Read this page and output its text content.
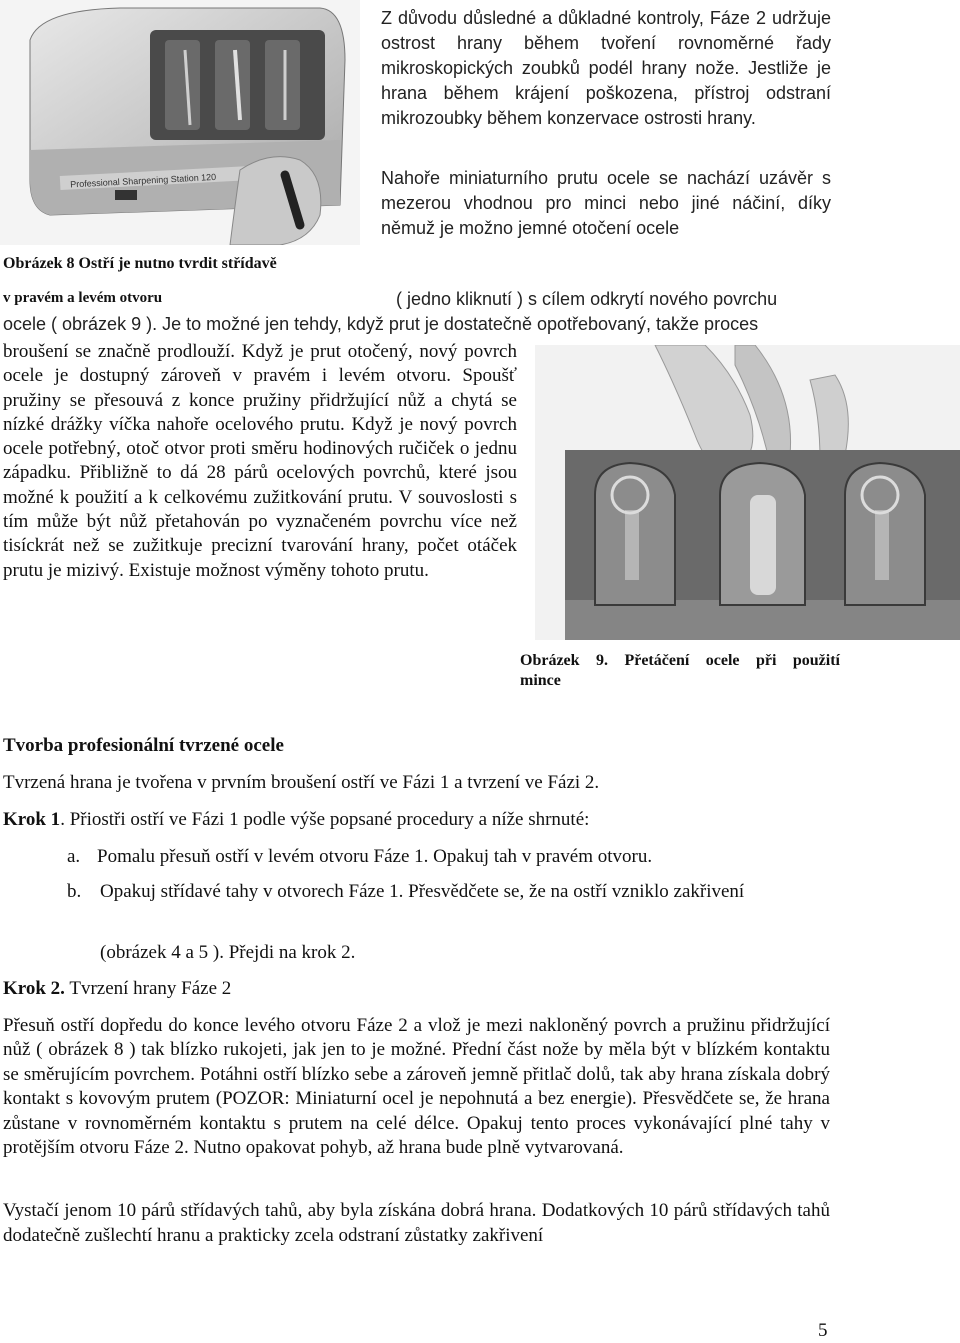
Professional Sharpening Station 120
Obrázek 8 Ostří je nutno tvrdit střídavě
v pravém a levém otvoru
Z důvodu důsledné a důkladné kontroly, Fáze 2 udržuje ostrost hrany během tvoření rovnoměrné řady mikroskopických zoubků podél hrany nože. Jestliže je hrana během krájení poškozena, přístroj odstraní mikrozoubky během konzervace ostrosti hrany.
Nahoře miniaturního prutu ocele se nachází uzávěr s mezerou vhodnou pro minci nebo jiné náčiní, díky němuž je možno jemné otočení ocele
( jedno kliknutí ) s cílem odkrytí nového povrchu
ocele ( obrázek 9 ). Je to možné jen tehdy, když prut je dostatečně opotřebovaný, takže proces
broušení se značně prodlouží. Když je prut otočený, nový povrch ocele je dostupný zároveň v pravém i levém otvoru. Spoušť pružiny se přesouvá z konce pružiny přidržující nůž a chytá se nízké drážky víčka nahoře ocelového prutu. Když je nový povrch ocele potřebný, otoč otvor proti směru hodinových ručiček o jednu západku. Přibližně to dá 28 párů ocelových povrchů, které jsou možné k použití a k celkovému zužitkování prutu. V souvoslosti s tím může být nůž přetahován po vyznačeném povrchu více než tisíckrát než se zužitkuje precizní tvarování hrany, počet otáček prutu je mizivý. Existuje možnost výměny tohoto prutu.
Obrázek 9. Přetáčení ocele při použití
mince
Tvorba profesionální tvrzené ocele
Tvrzená hrana je tvořena v prvním broušení ostří ve Fázi 1 a tvrzení ve Fázi 2.
Krok 1. Přiostři ostří ve Fázi 1 podle výše popsané procedury a níže shrnuté:
a. Pomalu přesuň ostří v levém otvoru Fáze 1. Opakuj tah v pravém otvoru.
b. Opakuj střídavé tahy v otvorech Fáze 1. Přesvědčete se, že na ostří vzniklo zakřivení
(obrázek 4 a 5 ). Přejdi na krok 2.
Krok 2. Tvrzení hrany Fáze 2
Přesuň ostří dopředu do konce levého otvoru Fáze 2 a vlož je mezi nakloněný povrch a pružinu přidržující nůž ( obrázek 8 ) tak blízko rukojeti, jak jen to je možné. Přední část nože by měla být v blízkém kontaktu se směrujícím povrchem. Potáhni ostří blízko sebe a zároveň jemně přitlač dolů, tak aby hrana získala dobrý kontakt s kovovým prutem (POZOR: Miniaturní ocel je nepohnutá a bez energie). Přesvědčete se, že hrana zůstane v rovnoměrném kontaktu s prutem na celé délce. Opakuj tento proces vykonávající plné tahy v protějším otvoru Fáze 2. Nutno opakovat pohyb, až hrana bude plně vytvarovaná.
Vystačí jenom 10 párů střídavých tahů, aby byla získána dobrá hrana. Dodatkových 10 párů střídavých tahů dodatečně zušlechtí hranu a prakticky zcela odstraní zůstatky zakřivení
5
